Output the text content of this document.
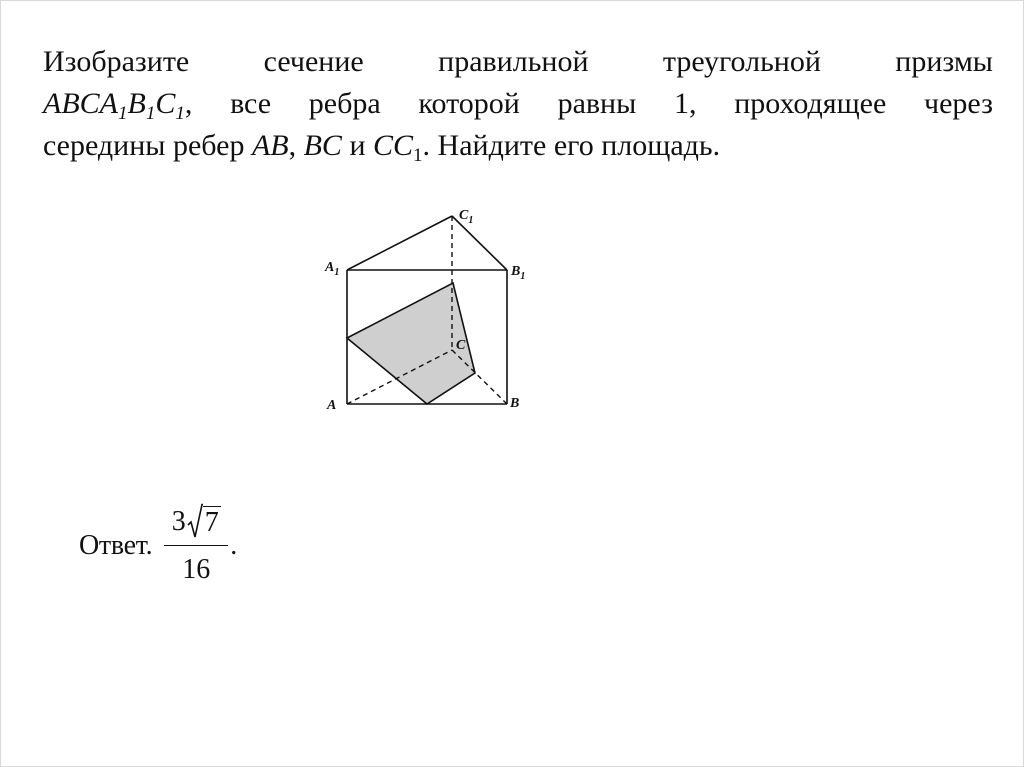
Изобразите сечение правильной треугольной призмы
$ABCA_1B_1C_1$, все ребра которой равны 1, проходящее через
середины ребер AB, BC и $CC_1$. Найдите его площадь.
$A_1$	$B_1$
$C_1$
A	B
C
Ответ. $\frac{3 7}{16}$ .
